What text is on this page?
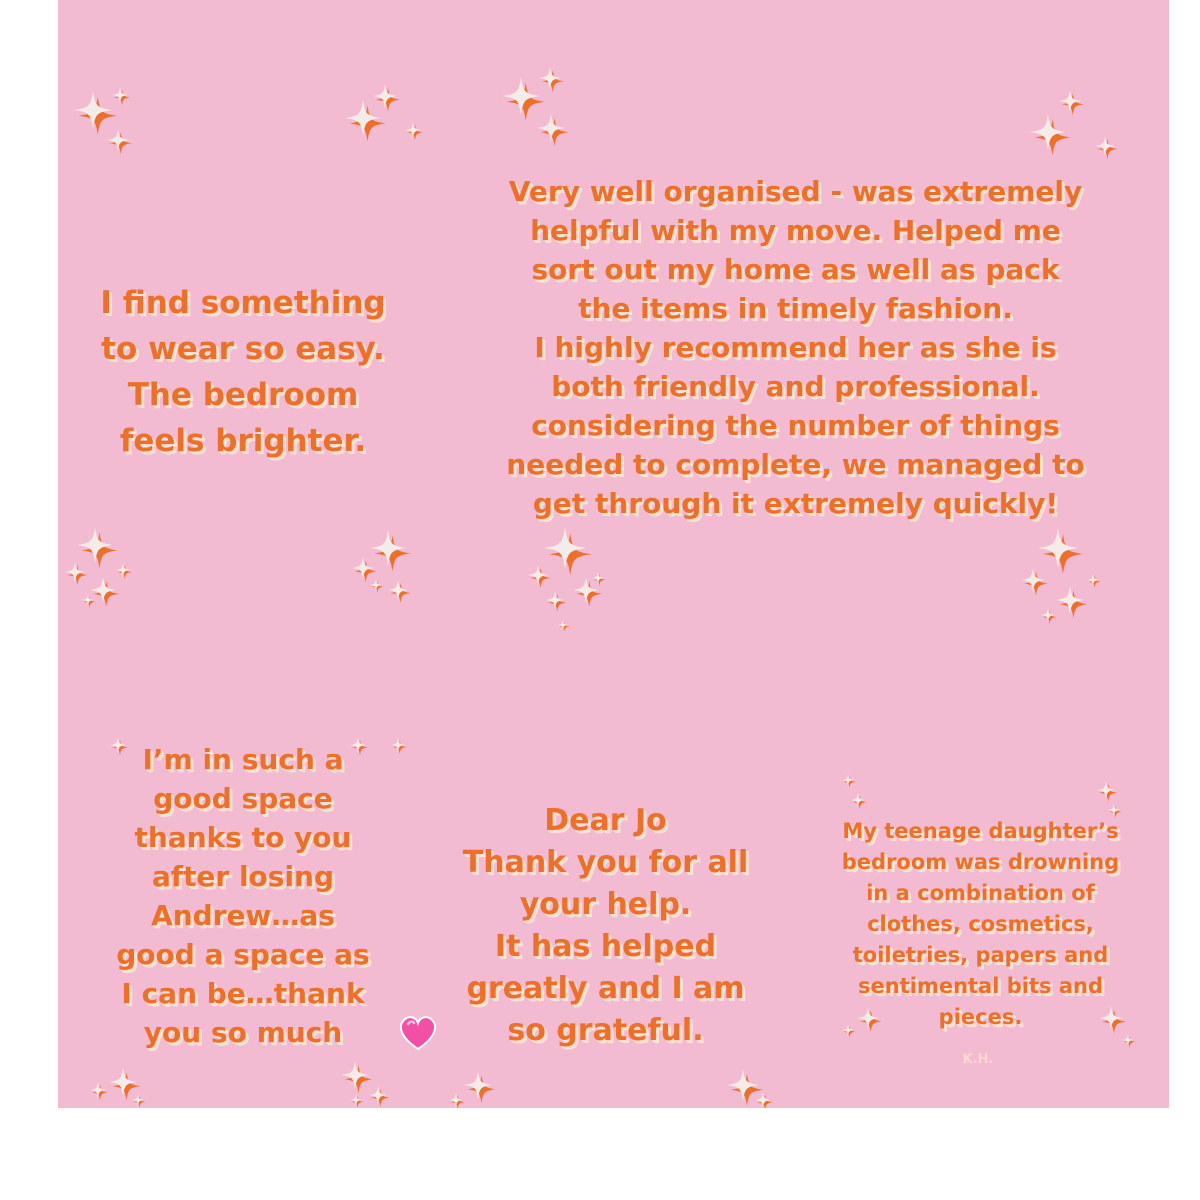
I find something
to wear so easy.
The bedroom
feels brighter.

Very well organised - was extremely
helpful with my move. Helped me
sort out my home as well as pack
the items in timely fashion.
I highly recommend her as she is
both friendly and professional.
considering the number of things
needed to complete, we managed to
get through it extremely quickly!

I’m in such a
good space
thanks to you
after losing
Andrew…as
good a space as
I can be…thank
you so much

Dear Jo
Thank you for all
your help.
It has helped
greatly and I am
so grateful.

My teenage daughter’s
bedroom was drowning
in a combination of
clothes, cosmetics,
toiletries, papers and
sentimental bits and
pieces.

K.H.
